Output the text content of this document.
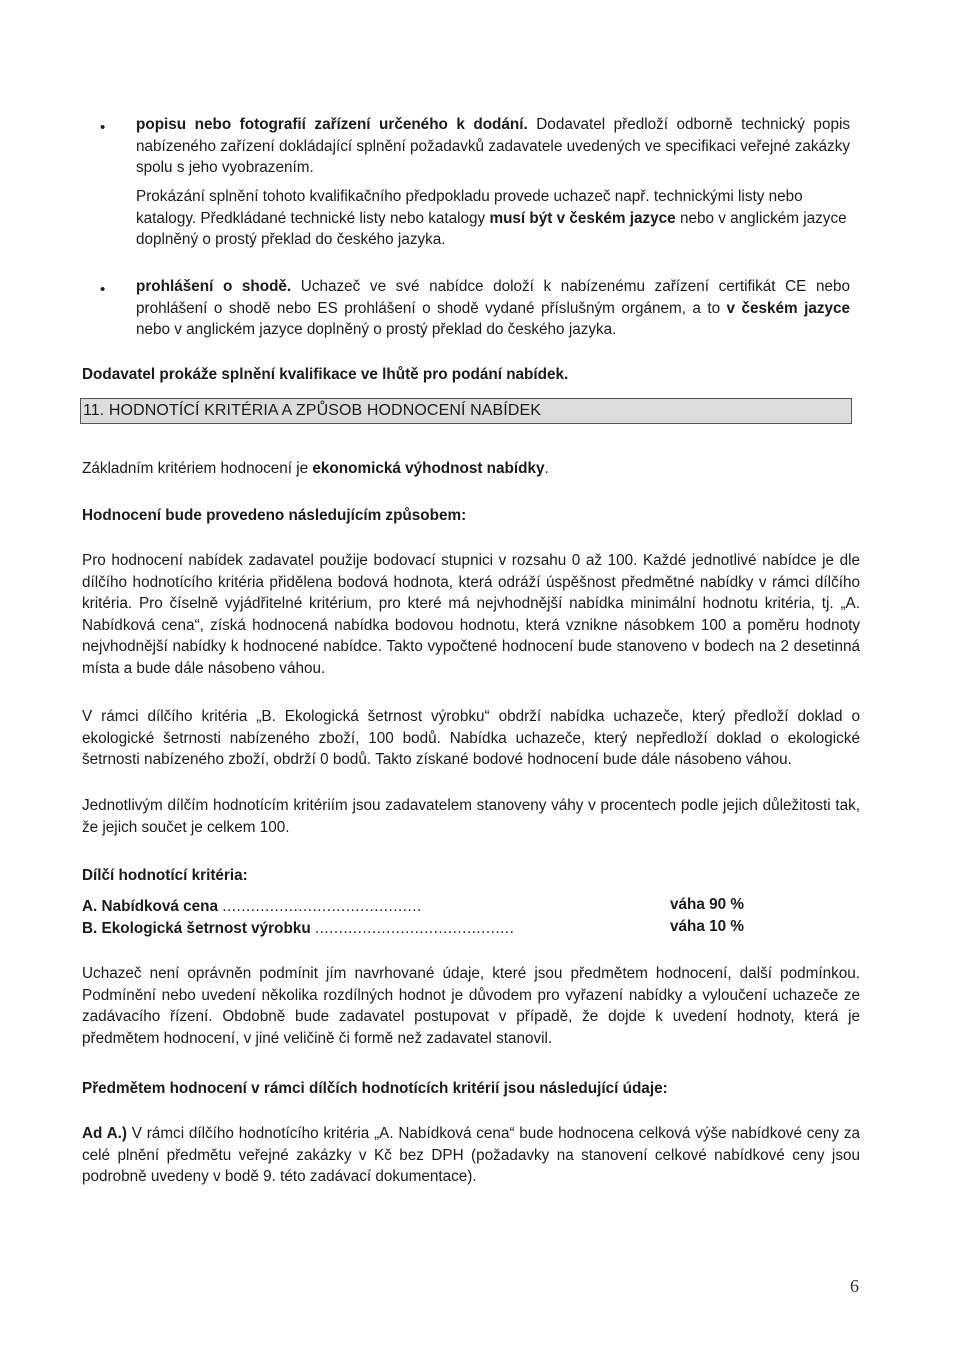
• popisu nebo fotografií zařízení určeného k dodání. Dodavatel předloží odborně technický popis nabízeného zařízení dokládající splnění požadavků zadavatele uvedených ve specifikaci veřejné zakázky spolu s jeho vyobrazením.

Prokázání splnění tohoto kvalifikačního předpokladu provede uchazeč např. technickými listy nebo katalogy. Předkládané technické listy nebo katalogy musí být v českém jazyce nebo v anglickém jazyce doplněný o prostý překlad do českého jazyka.

• prohlášení o shodě. Uchazeč ve své nabídce doloží k nabízenému zařízení certifikát CE nebo prohlášení o shodě nebo ES prohlášení o shodě vydané příslušným orgánem, a to v českém jazyce nebo v anglickém jazyce doplněný o prostý překlad do českého jazyka.

Dodavatel prokáže splnění kvalifikace ve lhůtě pro podání nabídek.

11. HODNOTÍCÍ KRITÉRIA A ZPŮSOB HODNOCENÍ NABÍDEK

Základním kritériem hodnocení je ekonomická výhodnost nabídky.

Hodnocení bude provedeno následujícím způsobem:

Pro hodnocení nabídek zadavatel použije bodovací stupnici v rozsahu 0 až 100. Každé jednotlivé nabídce je dle dílčího hodnotícího kritéria přidělena bodová hodnota, která odráží úspěšnost předmětné nabídky v rámci dílčího kritéria. Pro číselně vyjádřitelné kritérium, pro které má nejvhodnější nabídka minimální hodnotu kritéria, tj. „A. Nabídková cena“, získá hodnocená nabídka bodovou hodnotu, která vznikne násobkem 100 a poměru hodnoty nejvhodnější nabídky k hodnocené nabídce. Takto vypočtené hodnocení bude stanoveno v bodech na 2 desetinná místa a bude dále násobeno váhou.

V rámci dílčího kritéria „B. Ekologická šetrnost výrobku“ obdrží nabídka uchazeče, který předloží doklad o ekologické šetrnosti nabízeného zboží, 100 bodů. Nabídka uchazeče, který nepředloží doklad o ekologické šetrnosti nabízeného zboží, obdrží 0 bodů. Takto získané bodové hodnocení bude dále násobeno váhou.

Jednotlivým dílčím hodnotícím kritériím jsou zadavatelem stanoveny váhy v procentech podle jejich důležitosti tak, že jejich součet je celkem 100.

Dílčí hodnotící kritéria:

A. Nabídková cena ..........................................	váha 90 %
B. Ekologická šetrnost výrobku ..........................................	váha 10 %

Uchazeč není oprávněn podmínit jím navrhované údaje, které jsou předmětem hodnocení, další podmínkou. Podmínění nebo uvedení několika rozdílných hodnot je důvodem pro vyřazení nabídky a vyloučení uchazeče ze zadávacího řízení. Obdobně bude zadavatel postupovat v případě, že dojde k uvedení hodnoty, která je předmětem hodnocení, v jiné veličině či formě než zadavatel stanovil.

Předmětem hodnocení v rámci dílčích hodnotících kritérií jsou následující údaje:

Ad A.) V rámci dílčího hodnotícího kritéria „A. Nabídková cena“ bude hodnocena celková výše nabídkové ceny za celé plnění předmětu veřejné zakázky v Kč bez DPH (požadavky na stanovení celkové nabídkové ceny jsou podrobně uvedeny v bodě 9. této zadávací dokumentace).

6
